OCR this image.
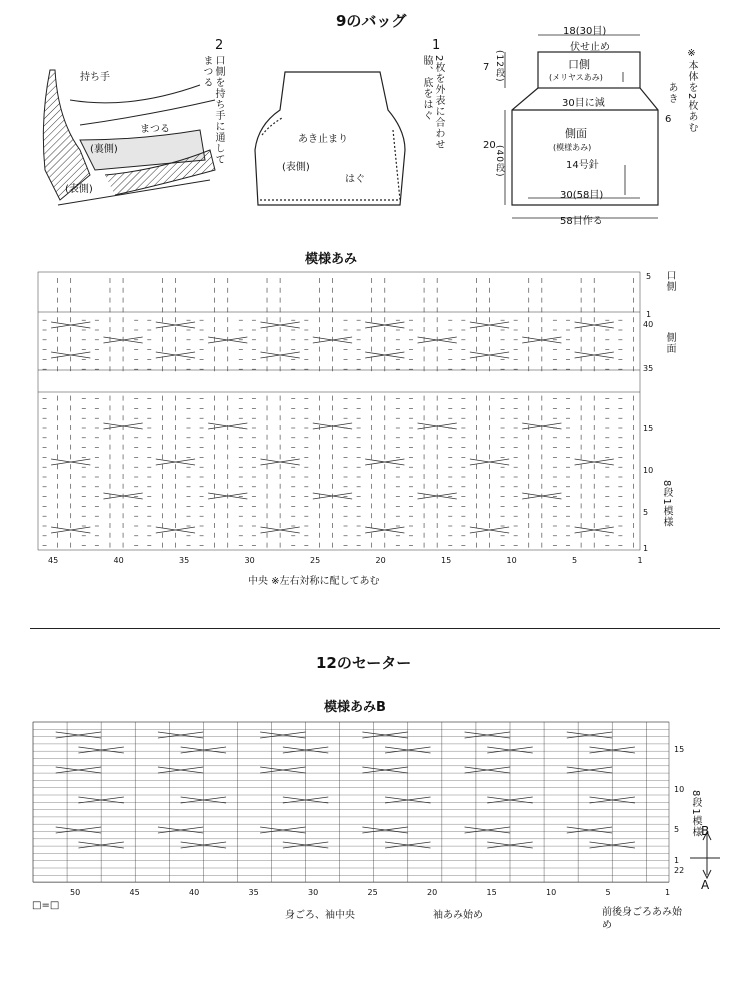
9のバッグ
2
口側を持ち手に通してまつる
1
2枚を外表に合わせ脇、底をはぐ
持ち手
まつる
(裏側)
(表側)
あき止まり
(表側)
はぐ
18(30目)
伏せ止め
7 (12段)	口側
(メリヤスあみ)
30目に減	あき
6 ※本体を2枚あむ
20
(40段)
側面
(模様あみ)
14号針
30(58目)
58目作る
模様あみ
5
1
40
35
15
10
5
1
口側
側面
8段1模様
45	40	35	30	25	20	15	10	5	1
中央 ※左右対称に配してあむ
12のセーター
模様あみB
15
10
5
1
22
8段1模様 B
A
50	45	40	35	30	25	20	15	10	5	1
□=□
身ごろ、袖中央	袖あみ始め	前後身ごろあみ始め
